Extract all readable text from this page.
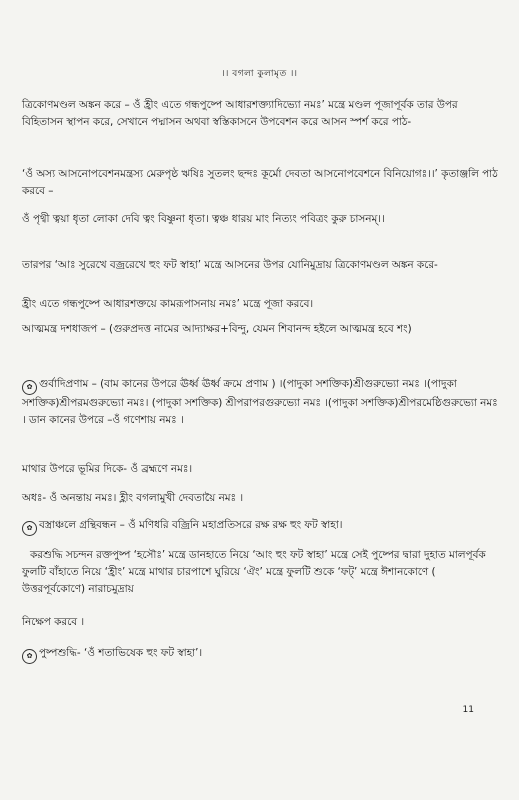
।। বগলা কুলামৃত ।।
ত্রিকোণমণ্ডল অঙ্কন করে – ওঁ হ্রীং এতে গন্ধপুষ্পে আধারশক্ত্যাদিভ্যো নমঃ’ মন্ত্রে মণ্ডল পূজাপূর্বক তার উপর বিহিতাসন স্থাপন করে, সেখানে পদ্মাসন অথবা স্বস্তিকাসনে উপবেশন করে আসন স্পর্শ করে পাঠ-
‘ওঁ অস্য আসনোপবেশনমন্ত্রস্য মেরুপৃষ্ঠ ঋষিঃ সুতলং ছন্দঃ কূর্মো দেবতা আসনোপবেশনে বিনিয়োগঃ।।’ কৃতাঞ্জলি পাঠ করবে –
ওঁ পৃথ্বী ত্বয়া ধৃতা লোকা দেবি ত্বং বিষ্ণুনা ধৃতা। ত্বঞ্চ ধারয় মাং নিত্যং পবিত্রং কুরু চাসনম্।।
তারপর ‘আঃ সুরেখে বজ্ররেখে হুং ফট স্বাহা’ মন্ত্রে আসনের উপর যোনিমুদ্রায় ত্রিকোণমণ্ডল অঙ্কন করে-
হ্রীং এতে গন্ধপুষ্পে আধারশক্তয়ে কামরূপাসনায় নমঃ’ মন্ত্রে পূজা করবে।
আত্মমন্ত্র দশধাজপ – (গুরুপ্রদত্ত নামের আদ্যাক্ষর+বিন্দু, যেমন শিবানন্দ হইলে আত্মমন্ত্র হবে শং)
✿ গুর্বাদিপ্রণাম – (বাম কানের উপরে ঊর্ধ্ব ঊর্ধ্ব ক্রমে প্রণাম ) ।(পাদুকা সশক্তিক)শ্রীগুরুভ্যো নমঃ ।(পাদুকা সশক্তিক)শ্রীপরমগুরুভ্যো নমঃ। (পাদুকা সশক্তিক) শ্রীপরাপরগুরুভ্যো নমঃ ।(পাদুকা সশক্তিক)শ্রীপরমেষ্ঠিগুরুভ্যো নমঃ । ডান কানের উপরে –ওঁ গণেশায় নমঃ ।
মাথার উপরে ভূমির দিকে- ওঁ ব্রহ্মণে নমঃ।
অধঃ- ওঁ অনন্তায় নমঃ। হ্লীং বগলামুখী দেবতায়ৈ নমঃ ।
✿ বস্ত্রাঞ্চলে গ্রন্থিবন্ধন – ওঁ মণিধরি বজ্রিনি মহাপ্রতিসরে রক্ষ রক্ষ হুং ফট স্বাহা।
করশুদ্ধি সচন্দন রক্তপুষ্প ‘হসৌঃ’ মন্ত্রে ডানহাতে নিয়ে ‘আং হুং ফট স্বাহা’ মন্ত্রে সেই পুষ্পের দ্বারা দুহাত মালপূর্বক ফুলটি বাঁহাতে নিয়ে ‘হ্রীং’ মন্ত্রে মাথার চারপাশে ঘুরিয়ে ‘ঐং’ মন্ত্রে ফুলটি শুকে ‘ফট্’ মন্ত্রে ঈশানকোণে ( উত্তরপূর্বকোণে) নারাচমুদ্রায়
নিক্ষেপ করবে ।
✿ পুষ্পশুদ্ধি- ‘ওঁ শতাভিষেক হুং ফট স্বাহা’।
11
